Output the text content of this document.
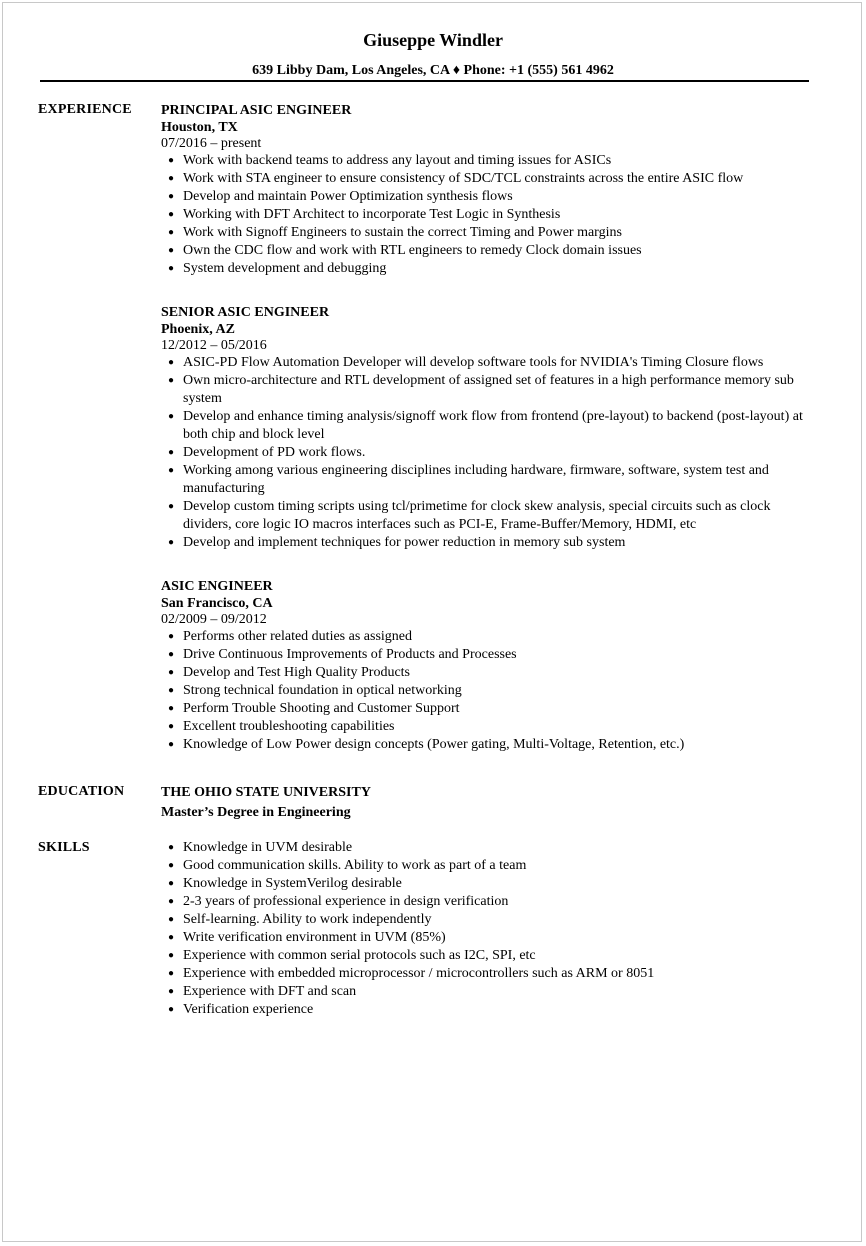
Giuseppe Windler
639 Libby Dam, Los Angeles, CA ♦ Phone: +1 (555) 561 4962
EXPERIENCE PRINCIPAL ASIC ENGINEER
Houston, TX
07/2016 – present
● Work with backend teams to address any layout and timing issues for ASICs
● Work with STA engineer to ensure consistency of SDC/TCL constraints across the entire ASIC flow
● Develop and maintain Power Optimization synthesis flows
● Working with DFT Architect to incorporate Test Logic in Synthesis
● Work with Signoff Engineers to sustain the correct Timing and Power margins
● Own the CDC flow and work with RTL engineers to remedy Clock domain issues
● System development and debugging
SENIOR ASIC ENGINEER
Phoenix, AZ
12/2012 – 05/2016
● ASIC-PD Flow Automation Developer will develop software tools for NVIDIA's Timing Closure flows
● Own micro-architecture and RTL development of assigned set of features in a high performance memory sub system
● Develop and enhance timing analysis/signoff work flow from frontend (pre-layout) to backend (post-layout) at both chip and block level
● Development of PD work flows.
● Working among various engineering disciplines including hardware, firmware, software, system test and manufacturing
● Develop custom timing scripts using tcl/primetime for clock skew analysis, special circuits such as clock dividers, core logic IO macros interfaces such as PCI-E, Frame-Buffer/Memory, HDMI, etc
● Develop and implement techniques for power reduction in memory sub system
ASIC ENGINEER
San Francisco, CA
02/2009 – 09/2012
● Performs other related duties as assigned
● Drive Continuous Improvements of Products and Processes
● Develop and Test High Quality Products
● Strong technical foundation in optical networking
● Perform Trouble Shooting and Customer Support
● Excellent troubleshooting capabilities
● Knowledge of Low Power design concepts (Power gating, Multi-Voltage, Retention, etc.)
EDUCATION	THE OHIO STATE UNIVERSITY
Master’s Degree in Engineering
SKILLS	● Knowledge in UVM desirable
● Good communication skills. Ability to work as part of a team
● Knowledge in SystemVerilog desirable
● 2-3 years of professional experience in design verification
● Self-learning. Ability to work independently
● Write verification environment in UVM (85%)
● Experience with common serial protocols such as I2C, SPI, etc
● Experience with embedded microprocessor / microcontrollers such as ARM or 8051
● Experience with DFT and scan
● Verification experience
